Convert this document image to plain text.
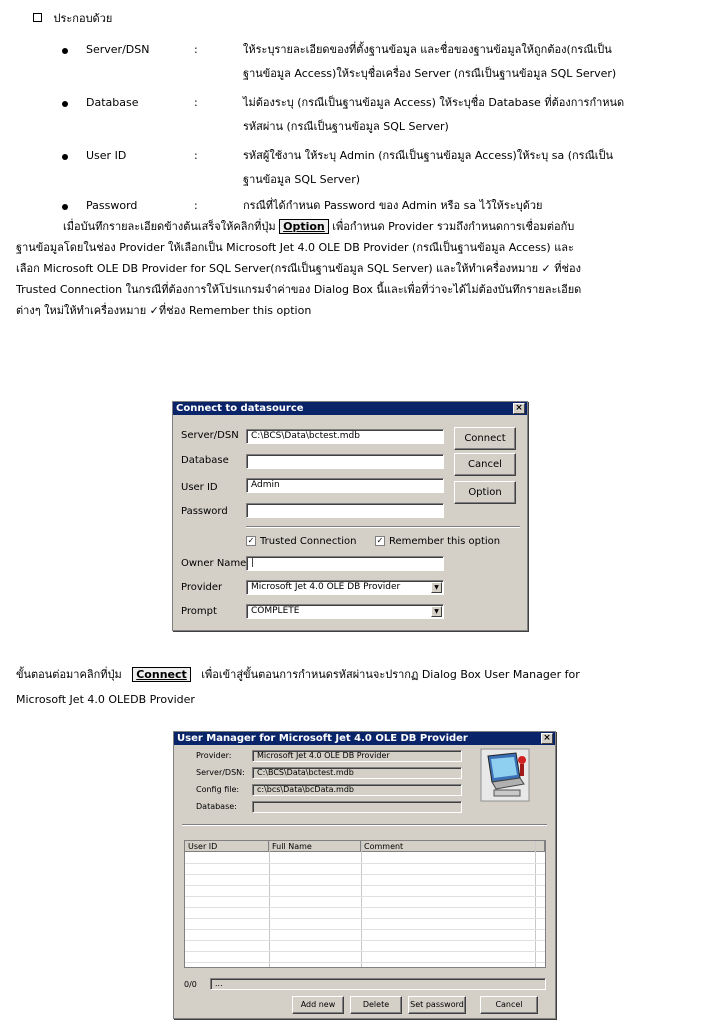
ประกอบด้วย
Server/DSN	:	ให้ระบุรายละเอียดของที่ตั้งฐานข้อมูล และชื่อของฐานข้อมูลให้ถูกต้อง(กรณีเป็น
ฐานข้อมูล Access)ให้ระบุชื่อเครื่อง Server (กรณีเป็นฐานข้อมูล SQL Server)
Database	:	ไม่ต้องระบุ (กรณีเป็นฐานข้อมูล Access) ให้ระบุชื่อ Database ที่ต้องการกำหนด
รหัสผ่าน (กรณีเป็นฐานข้อมูล SQL Server)
User ID	:	รหัสผู้ใช้งาน ให้ระบุ Admin (กรณีเป็นฐานข้อมูล Access)ให้ระบุ sa (กรณีเป็น
ฐานข้อมูล SQL Server)
Password	:	กรณีที่ได้กำหนด Password ของ Admin หรือ sa ไว้ให้ระบุด้วย
เมื่อบันทึกรายละเอียดข้างต้นเสร็จให้คลิกที่ปุ่ม Option เพื่อกำหนด Provider รวมถึงกำหนดการเชื่อมต่อกับ
ฐานข้อมูลโดยในช่อง Provider ให้เลือกเป็น Microsoft Jet 4.0 OLE DB Provider (กรณีเป็นฐานข้อมูล Access) และ
เลือก Microsoft OLE DB Provider for SQL Server(กรณีเป็นฐานข้อมูล SQL Server) และให้ทำเครื่องหมาย ✓ ที่ช่อง
Trusted Connection ในกรณีที่ต้องการให้โปรแกรมจำค่าของ Dialog Box นี้และเพื่อที่ว่าจะได้ไม่ต้องบันทึกรายละเอียด
ต่างๆ ใหม่ให้ทำเครื่องหมาย ✓ที่ช่อง Remember this option
Connect to datasource	×
Server/DSN	C:\BCS\Data\bctest.mdb
Database
User ID	Admin
Password
Connect
Cancel
Option
✓ Trusted Connection	✓ Remember this option
Owner Name |
Provider	Microsoft Jet 4.0 OLE DB Provider	▼
Prompt	COMPLETE	▼
ขั้นตอนต่อมาคลิกที่ปุ่ม Connect เพื่อเข้าสู่ขั้นตอนการกำหนดรหัสผ่านจะปรากฏ Dialog Box User Manager for
Microsoft Jet 4.0 OLEDB Provider
User Manager for Microsoft Jet 4.0 OLE DB Provider	×
Provider:	Microsoft Jet 4.0 OLE DB Provider
Server/DSN:	C:\BCS\Data\bctest.mdb
Config file:	c:\bcs\Data\bcData.mdb
Database:
User ID	Full Name	Comment
0/0	...
Add new	Delete	Set password	Cancel
